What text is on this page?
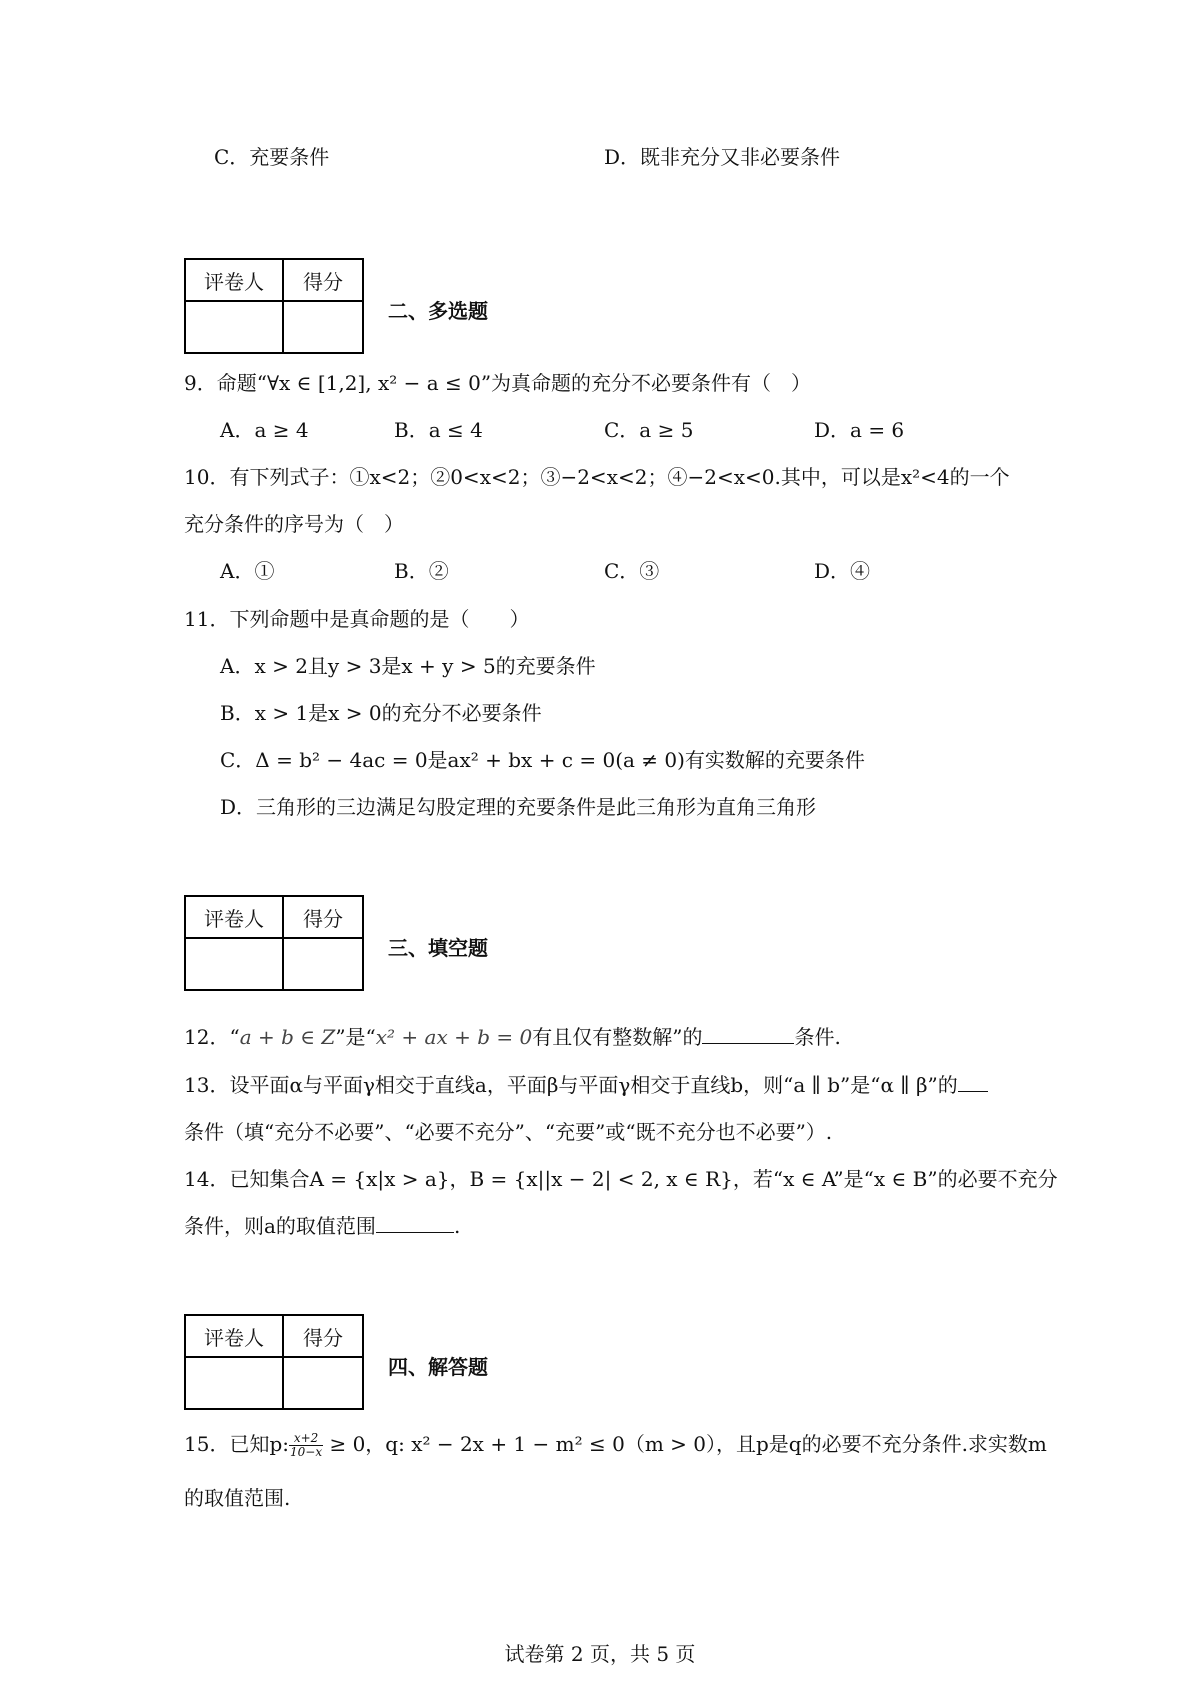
C．充要条件	D．既非充分又非必要条件
评卷人	得分

二、多选题
9．命题“∀x ∈ [1,2], x² − a ≤ 0”为真命题的充分不必要条件有（　）
A．a ≥ 4	B．a ≤ 4	C．a ≥ 5	D．a = 6
10．有下列式子：①x<2；②0<x<2；③−2<x<2；④−2<x<0.其中，可以是x²<4的一个
充分条件的序号为（　）
A．①	B．②	C．③	D．④
11．下列命题中是真命题的是（　　）
A．x > 2且y > 3是x + y > 5的充要条件
B．x > 1是x > 0的充分不必要条件
C．Δ = b² − 4ac = 0是ax² + bx + c = 0(a ≠ 0)有实数解的充要条件
D．三角形的三边满足勾股定理的充要条件是此三角形为直角三角形
评卷人	得分

三、填空题
12．“a + b ∈ Z”是“x² + ax + b = 0有且仅有整数解”的	条件.
13．设平面α与平面γ相交于直线a，平面β与平面γ相交于直线b，则“a ∥ b”是“α ∥ β”的
条件（填“充分不必要”、“必要不充分”、“充要”或“既不充分也不必要”）.
14．已知集合A = {x|x > a}，B = {x||x − 2| < 2, x ∈ R}，若“x ∈ A”是“x ∈ B”的必要不充分
条件，则a的取值范围	.
评卷人	得分

四、解答题
15．已知p: $\frac{x+2}{10-x} \ge 0$，q: x² − 2x + 1 − m² ≤ 0（m > 0），且p是q的必要不充分条件.求实数m
的取值范围.
试卷第 2 页，共 5 页
